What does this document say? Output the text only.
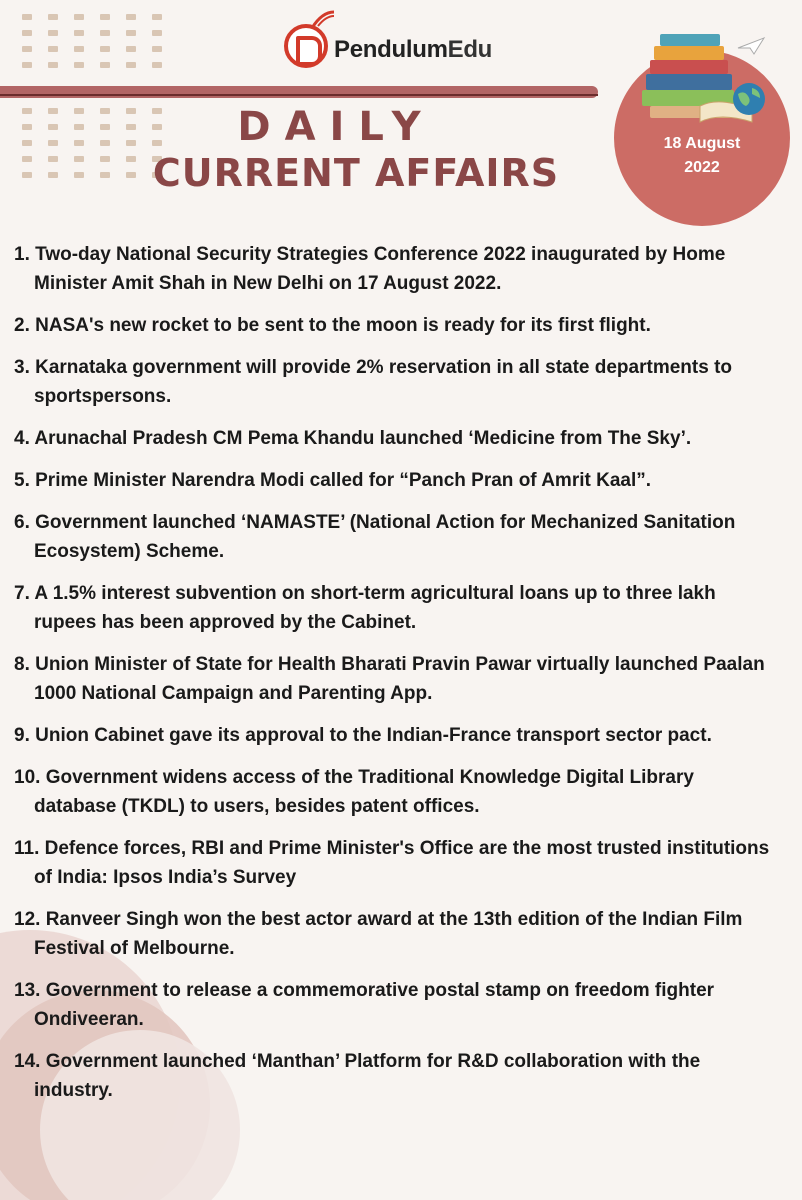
PendulumEdu
DAILY
CURRENT AFFAIRS
18 August
2022
1. Two-day National Security Strategies Conference 2022 inaugurated by Home Minister Amit Shah in New Delhi on 17 August 2022.
2. NASA's new rocket to be sent to the moon is ready for its first flight.
3. Karnataka government will provide 2% reservation in all state departments to sportspersons.
4. Arunachal Pradesh CM Pema Khandu launched ‘Medicine from The Sky’.
5. Prime Minister Narendra Modi called for “Panch Pran of Amrit Kaal”.
6. Government launched ‘NAMASTE’ (National Action for Mechanized Sanitation Ecosystem) Scheme.
7. A 1.5% interest subvention on short-term agricultural loans up to three lakh rupees has been approved by the Cabinet.
8. Union Minister of State for Health Bharati Pravin Pawar virtually launched Paalan 1000 National Campaign and Parenting App.
9. Union Cabinet gave its approval to the Indian-France transport sector pact.
10. Government widens access of the Traditional Knowledge Digital Library database (TKDL) to users, besides patent offices.
11. Defence forces, RBI and Prime Minister's Office are the most trusted institutions of India: Ipsos India’s Survey
12. Ranveer Singh won the best actor award at the 13th edition of the Indian Film Festival of Melbourne.
13. Government to release a commemorative postal stamp on freedom fighter Ondiveeran.
14. Government launched ‘Manthan’ Platform for R&D collaboration with the industry.
